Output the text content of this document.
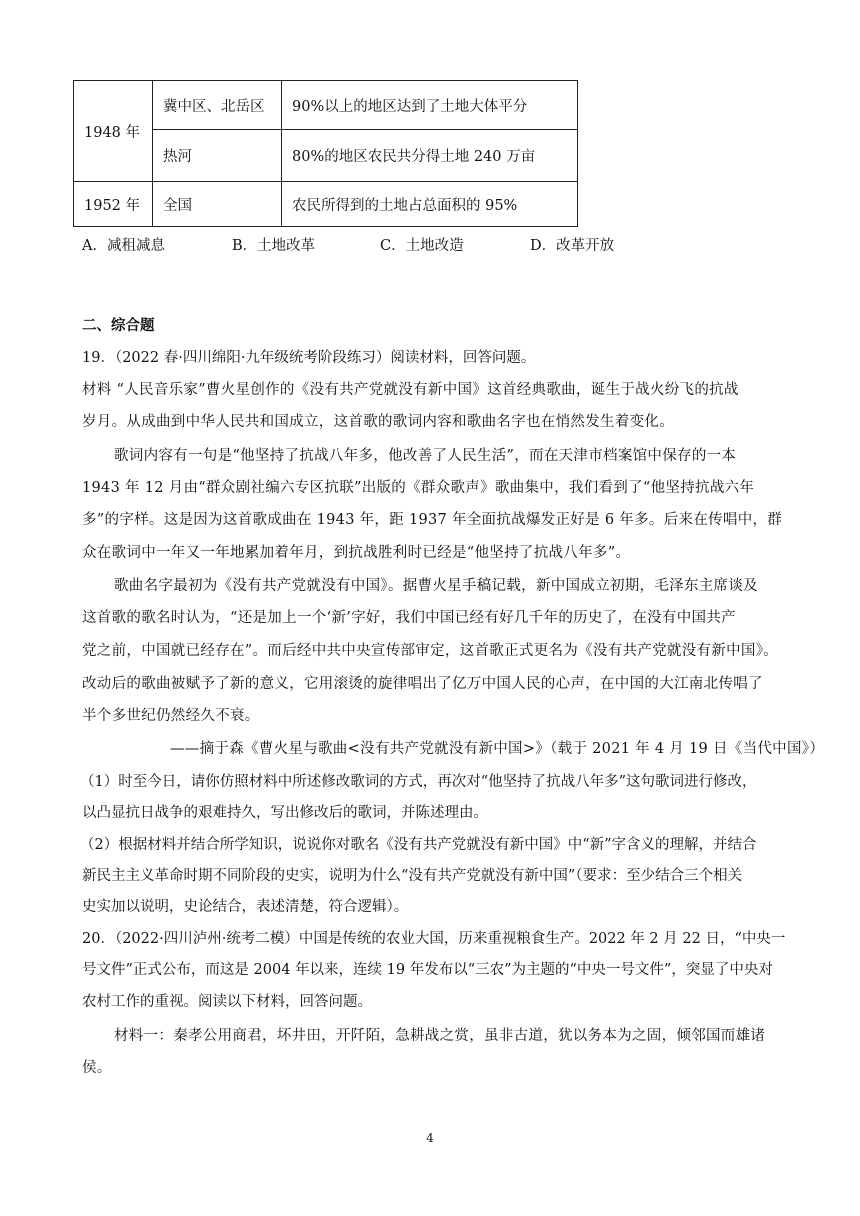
1948 年	冀中区、北岳区	90%以上的地区达到了土地大体平分
	热河	80%的地区农民共分得土地 240 万亩
1952 年	全国	农民所得到的土地占总面积的 95%
A．减租减息	B．土地改革	C．土地改造	D．改革开放
二、综合题
19．（2022 春·四川绵阳·九年级统考阶段练习）阅读材料，回答问题。
材料 “人民音乐家”曹火星创作的《没有共产党就没有新中国》这首经典歌曲，诞生于战火纷飞的抗战
岁月。从成曲到中华人民共和国成立，这首歌的歌词内容和歌曲名字也在悄然发生着变化。
歌词内容有一句是“他坚持了抗战八年多，他改善了人民生活”，而在天津市档案馆中保存的一本
1943 年 12 月由“群众剧社编六专区抗联”出版的《群众歌声》歌曲集中，我们看到了“他坚持抗战六年
多”的字样。这是因为这首歌成曲在 1943 年，距 1937 年全面抗战爆发正好是 6 年多。后来在传唱中，群
众在歌词中一年又一年地累加着年月，到抗战胜利时已经是“他坚持了抗战八年多”。
歌曲名字最初为《没有共产党就没有中国》。据曹火星手稿记载，新中国成立初期，毛泽东主席谈及
这首歌的歌名时认为，“还是加上一个‘新’字好，我们中国已经有好几千年的历史了，在没有中国共产
党之前，中国就已经存在”。而后经中共中央宣传部审定，这首歌正式更名为《没有共产党就没有新中国》。
改动后的歌曲被赋予了新的意义，它用滚烫的旋律唱出了亿万中国人民的心声，在中国的大江南北传唱了
半个多世纪仍然经久不衰。
——摘于森《曹火星与歌曲<没有共产党就没有新中国>》（载于 2021 年 4 月 19 日《当代中国》）
（1）时至今日，请你仿照材料中所述修改歌词的方式，再次对“他坚持了抗战八年多”这句歌词进行修改，
以凸显抗日战争的艰难持久，写出修改后的歌词，并陈述理由。
（2）根据材料并结合所学知识，说说你对歌名《没有共产党就没有新中国》中“新”字含义的理解，并结合
新民主主义革命时期不同阶段的史实，说明为什么“没有共产党就没有新中国”（要求：至少结合三个相关
史实加以说明，史论结合，表述清楚，符合逻辑）。
20．（2022·四川泸州·统考二模）中国是传统的农业大国，历来重视粮食生产。2022 年 2 月 22 日，“中央一
号文件”正式公布，而这是 2004 年以来，连续 19 年发布以“三农”为主题的“中央一号文件”，突显了中央对
农村工作的重视。阅读以下材料，回答问题。
材料一：秦孝公用商君，坏井田，开阡陌，急耕战之赏，虽非古道，犹以务本为之固，倾邻国而雄诸
侯。
4
